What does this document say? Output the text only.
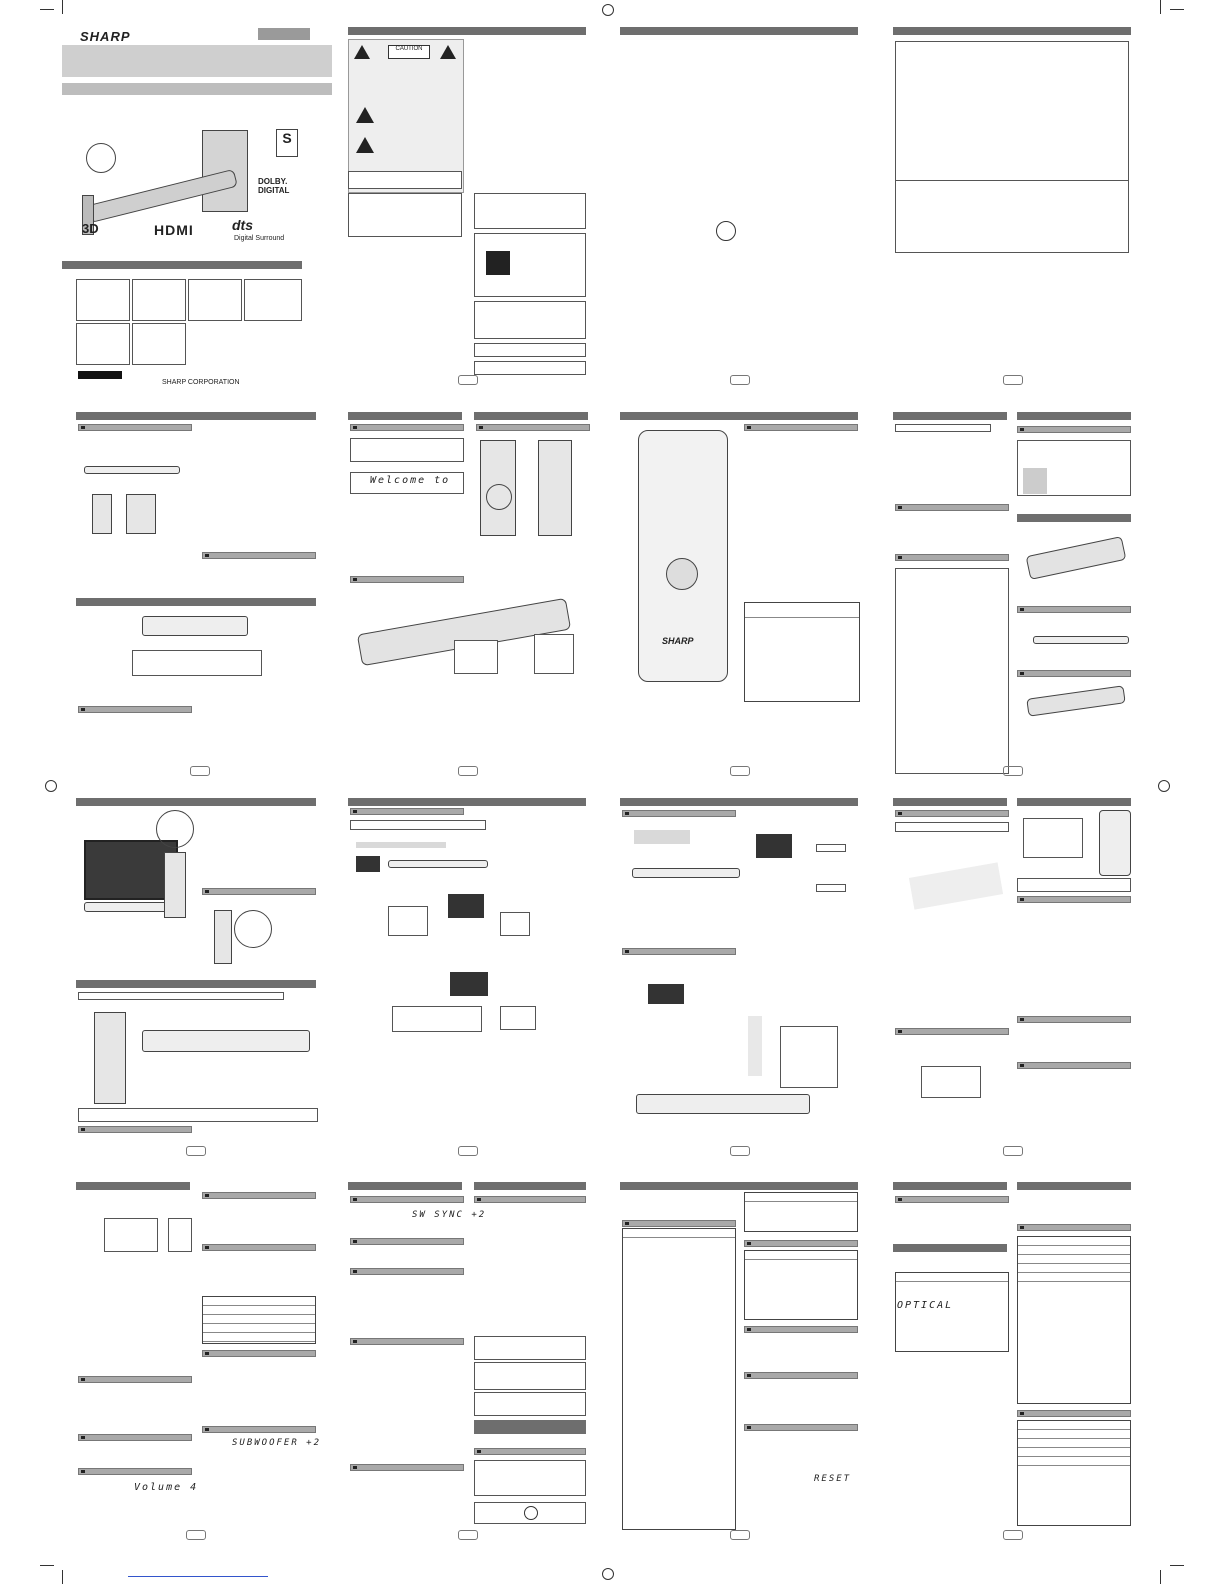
SHARP
S
DOLBY. DIGITAL
3D	HDMI	dts
Digital Surround
SHARP CORPORATION
CAUTION
Welcome to
SHARP
Volume 4
SUBWOOFER +2
SW SYNC +2
RESET
OPTICAL
